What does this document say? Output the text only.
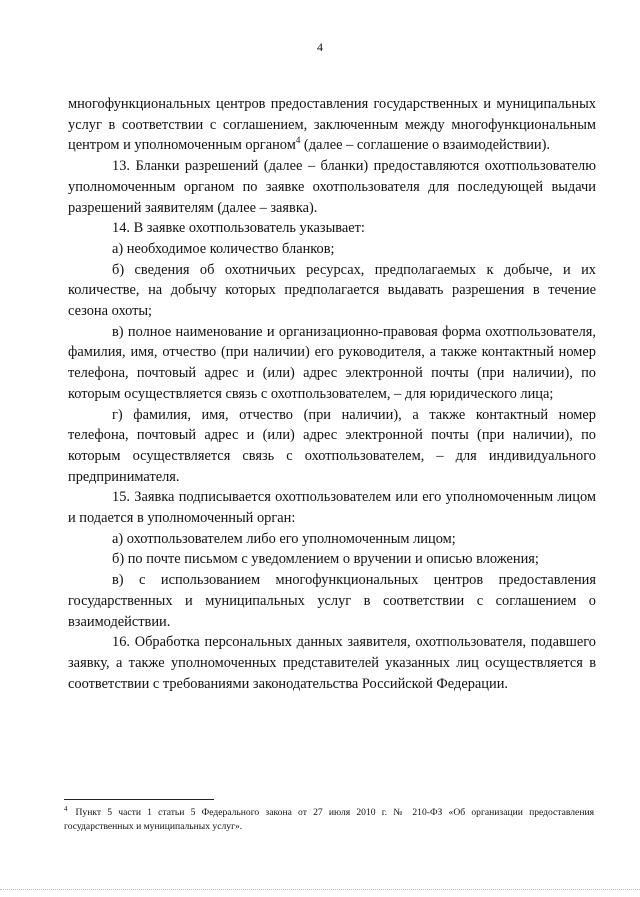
4

многофункциональных центров предоставления государственных и муниципальных услуг в соответствии с соглашением, заключенным между многофункциональным центром и уполномоченным органом$^4$ (далее – соглашение о взаимодействии).

13. Бланки разрешений (далее – бланки) предоставляются охотпользователю уполномоченным органом по заявке охотпользователя для последующей выдачи разрешений заявителям (далее – заявка).

14. В заявке охотпользователь указывает:

а) необходимое количество бланков;

б) сведения об охотничьих ресурсах, предполагаемых к добыче, и их количестве, на добычу которых предполагается выдавать разрешения в течение сезона охоты;

в) полное наименование и организационно-правовая форма охотпользователя, фамилия, имя, отчество (при наличии) его руководителя, а также контактный номер телефона, почтовый адрес и (или) адрес электронной почты (при наличии), по которым осуществляется связь с охотпользователем, – для юридического лица;

г) фамилия, имя, отчество (при наличии), а также контактный номер телефона, почтовый адрес и (или) адрес электронной почты (при наличии), по которым осуществляется связь с охотпользователем, – для индивидуального предпринимателя.

15. Заявка подписывается охотпользователем или его уполномоченным лицом и подается в уполномоченный орган:

а) охотпользователем либо его уполномоченным лицом;

б) по почте письмом с уведомлением о вручении и описью вложения;

в) с использованием многофункциональных центров предоставления государственных и муниципальных услуг в соответствии с соглашением о взаимодействии.

16. Обработка персональных данных заявителя, охотпользователя, подавшего заявку, а также уполномоченных представителей указанных лиц осуществляется в соответствии с требованиями законодательства Российской Федерации.

$^4$ Пункт 5 части 1 статьи 5 Федерального закона от 27 июля 2010 г. № 210-ФЗ «Об организации предоставления государственных и муниципальных услуг».
